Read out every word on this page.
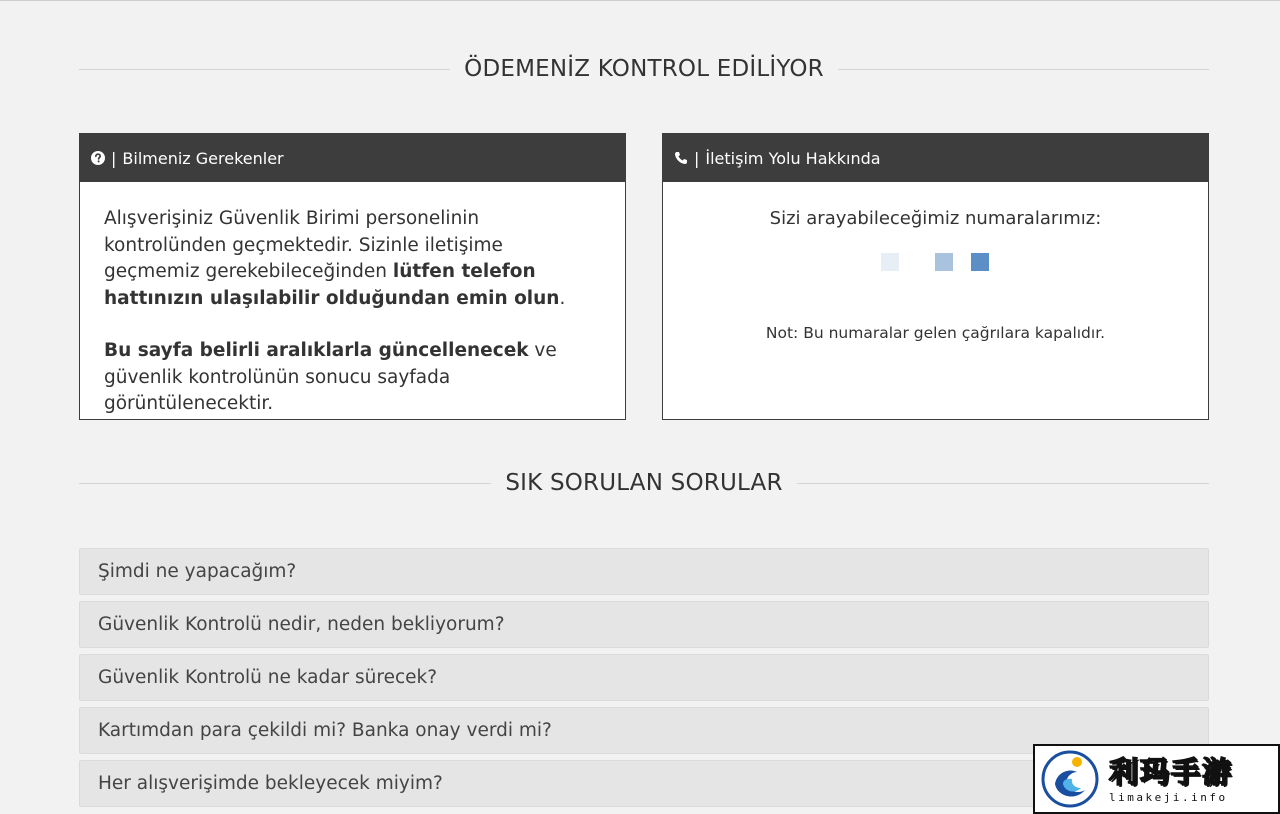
ÖDEMENİZ KONTROL EDİLİYOR
| Bilmeniz Gerekenler

Alışverişiniz Güvenlik Birimi personelinin kontrolünden geçmektedir. Sizinle iletişime geçmemiz gerekebileceğinden lütfen telefon hattınızın ulaşılabilir olduğundan emin olun.

Bu sayfa belirli aralıklarla güncellenecek ve güvenlik kontrolünün sonucu sayfada görüntülenecektir.

| İletişim Yolu Hakkında
Sizi arayabileceğimiz numaralarımız:
Not: Bu numaralar gelen çağrılara kapalıdır.
SIK SORULAN SORULAR
Şimdi ne yapacağım?
Güvenlik Kontrolü nedir, neden bekliyorum?
Güvenlik Kontrolü ne kadar sürecek?
Kartımdan para çekildi mi? Banka onay verdi mi?
Her alışverişimde bekleyecek miyim?	利玛手游
limakeji.info
